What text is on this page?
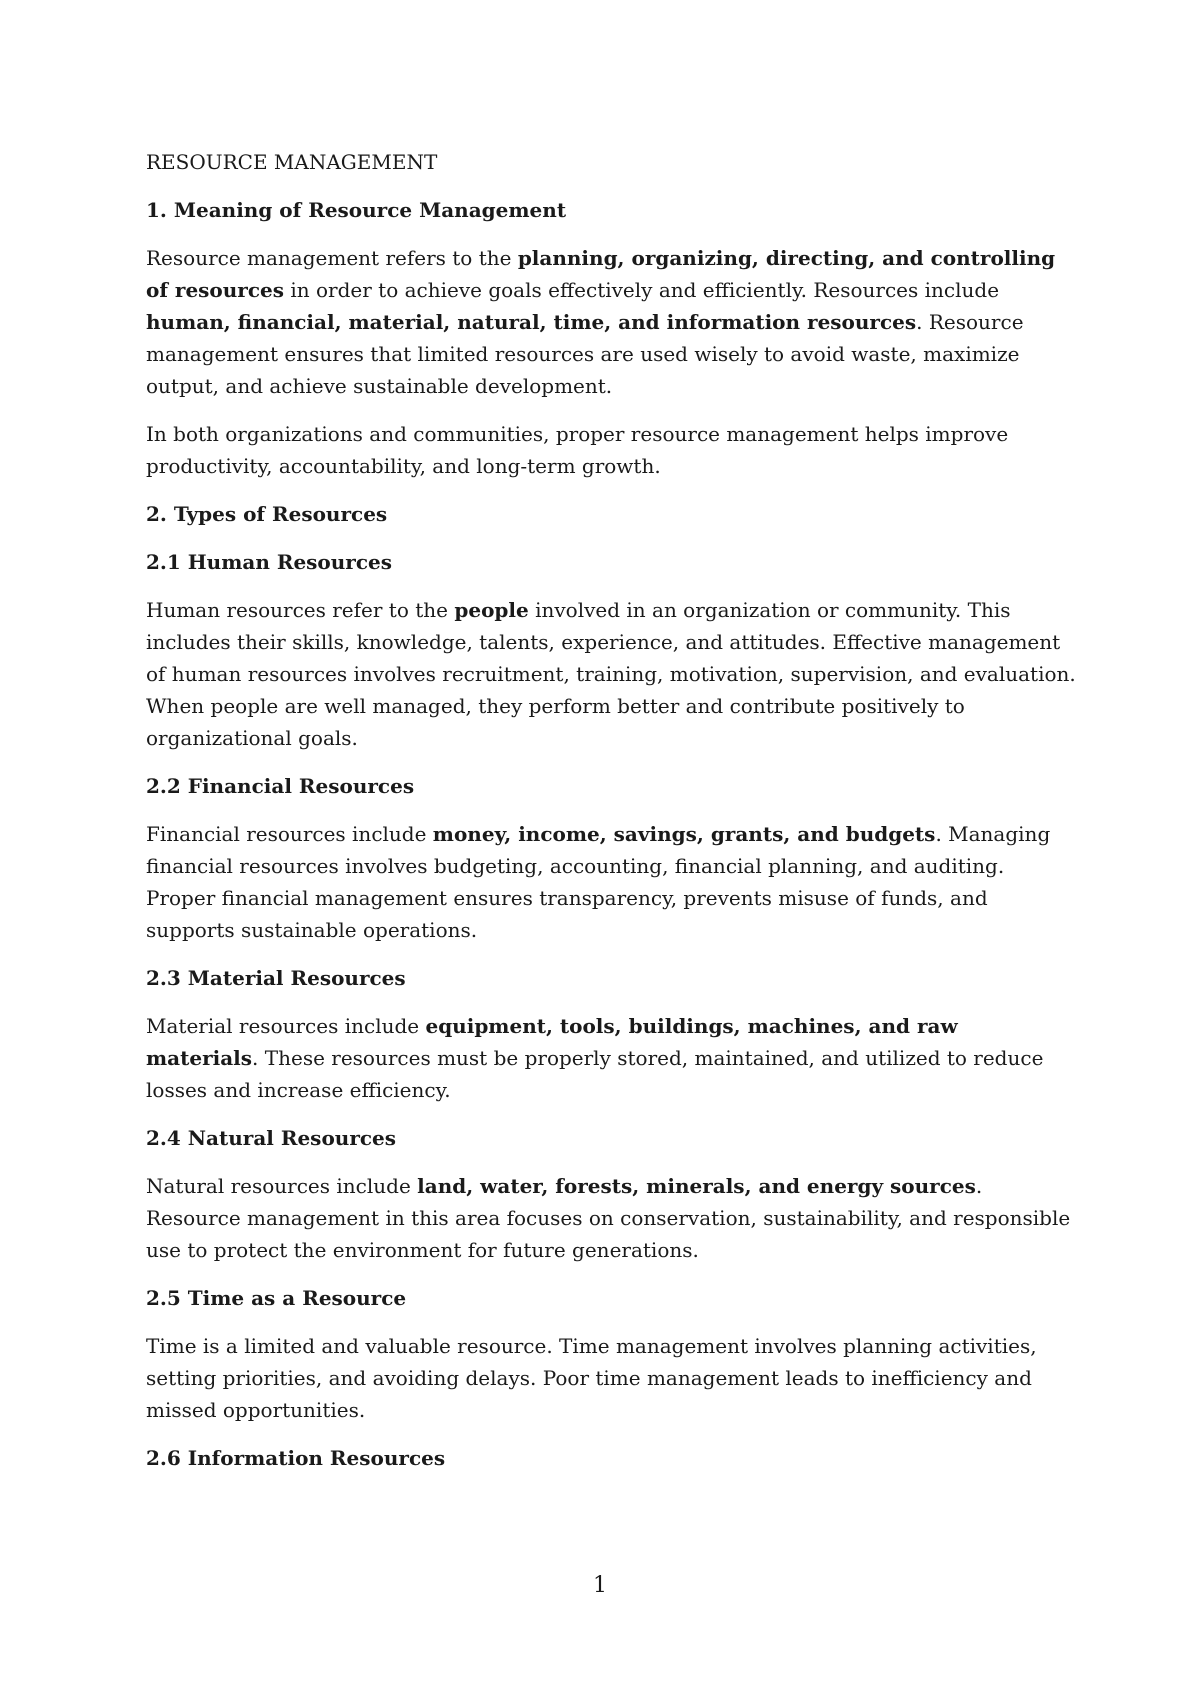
RESOURCE MANAGEMENT
1. Meaning of Resource Management

Resource management refers to the planning, organizing, directing, and controlling of resources in order to achieve goals effectively and efficiently. Resources include human, financial, material, natural, time, and information resources. Resource management ensures that limited resources are used wisely to avoid waste, maximize output, and achieve sustainable development.

In both organizations and communities, proper resource management helps improve productivity, accountability, and long-term growth.

2. Types of Resources
2.1 Human Resources

Human resources refer to the people involved in an organization or community. This includes their skills, knowledge, talents, experience, and attitudes. Effective management of human resources involves recruitment, training, motivation, supervision, and evaluation. When people are well managed, they perform better and contribute positively to organizational goals.

2.2 Financial Resources

Financial resources include money, income, savings, grants, and budgets. Managing financial resources involves budgeting, accounting, financial planning, and auditing. Proper financial management ensures transparency, prevents misuse of funds, and supports sustainable operations.

2.3 Material Resources

Material resources include equipment, tools, buildings, machines, and raw materials. These resources must be properly stored, maintained, and utilized to reduce losses and increase efficiency.

2.4 Natural Resources

Natural resources include land, water, forests, minerals, and energy sources. Resource management in this area focuses on conservation, sustainability, and responsible use to protect the environment for future generations.

2.5 Time as a Resource

Time is a limited and valuable resource. Time management involves planning activities, setting priorities, and avoiding delays. Poor time management leads to inefficiency and missed opportunities.

2.6 Information Resources
1
